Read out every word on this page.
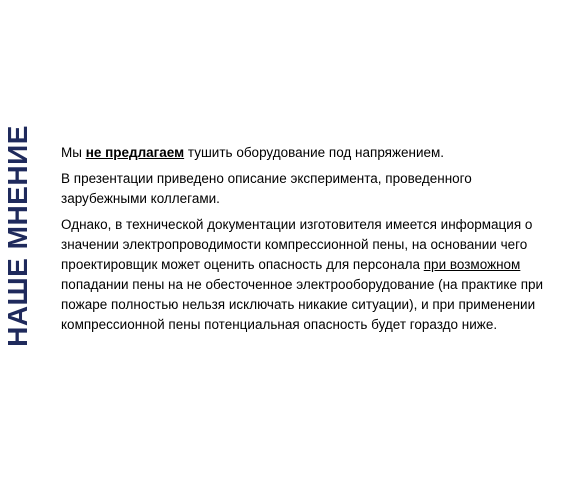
НАШЕ МНЕНИЕ Мы не предлагаем тушить оборудование под напряжением.

В презентации приведено описание эксперимента, проведенного зарубежными коллегами.

Однако, в технической документации изготовителя имеется информация о значении электропроводимости компрессионной пены, на основании чего проектировщик может оценить опасность для персонала при возможном попадании пены на не обесточенное электрооборудование (на практике при пожаре полностью нельзя исключать никакие ситуации), и при применении компрессионной пены потенциальная опасность будет гораздо ниже.
